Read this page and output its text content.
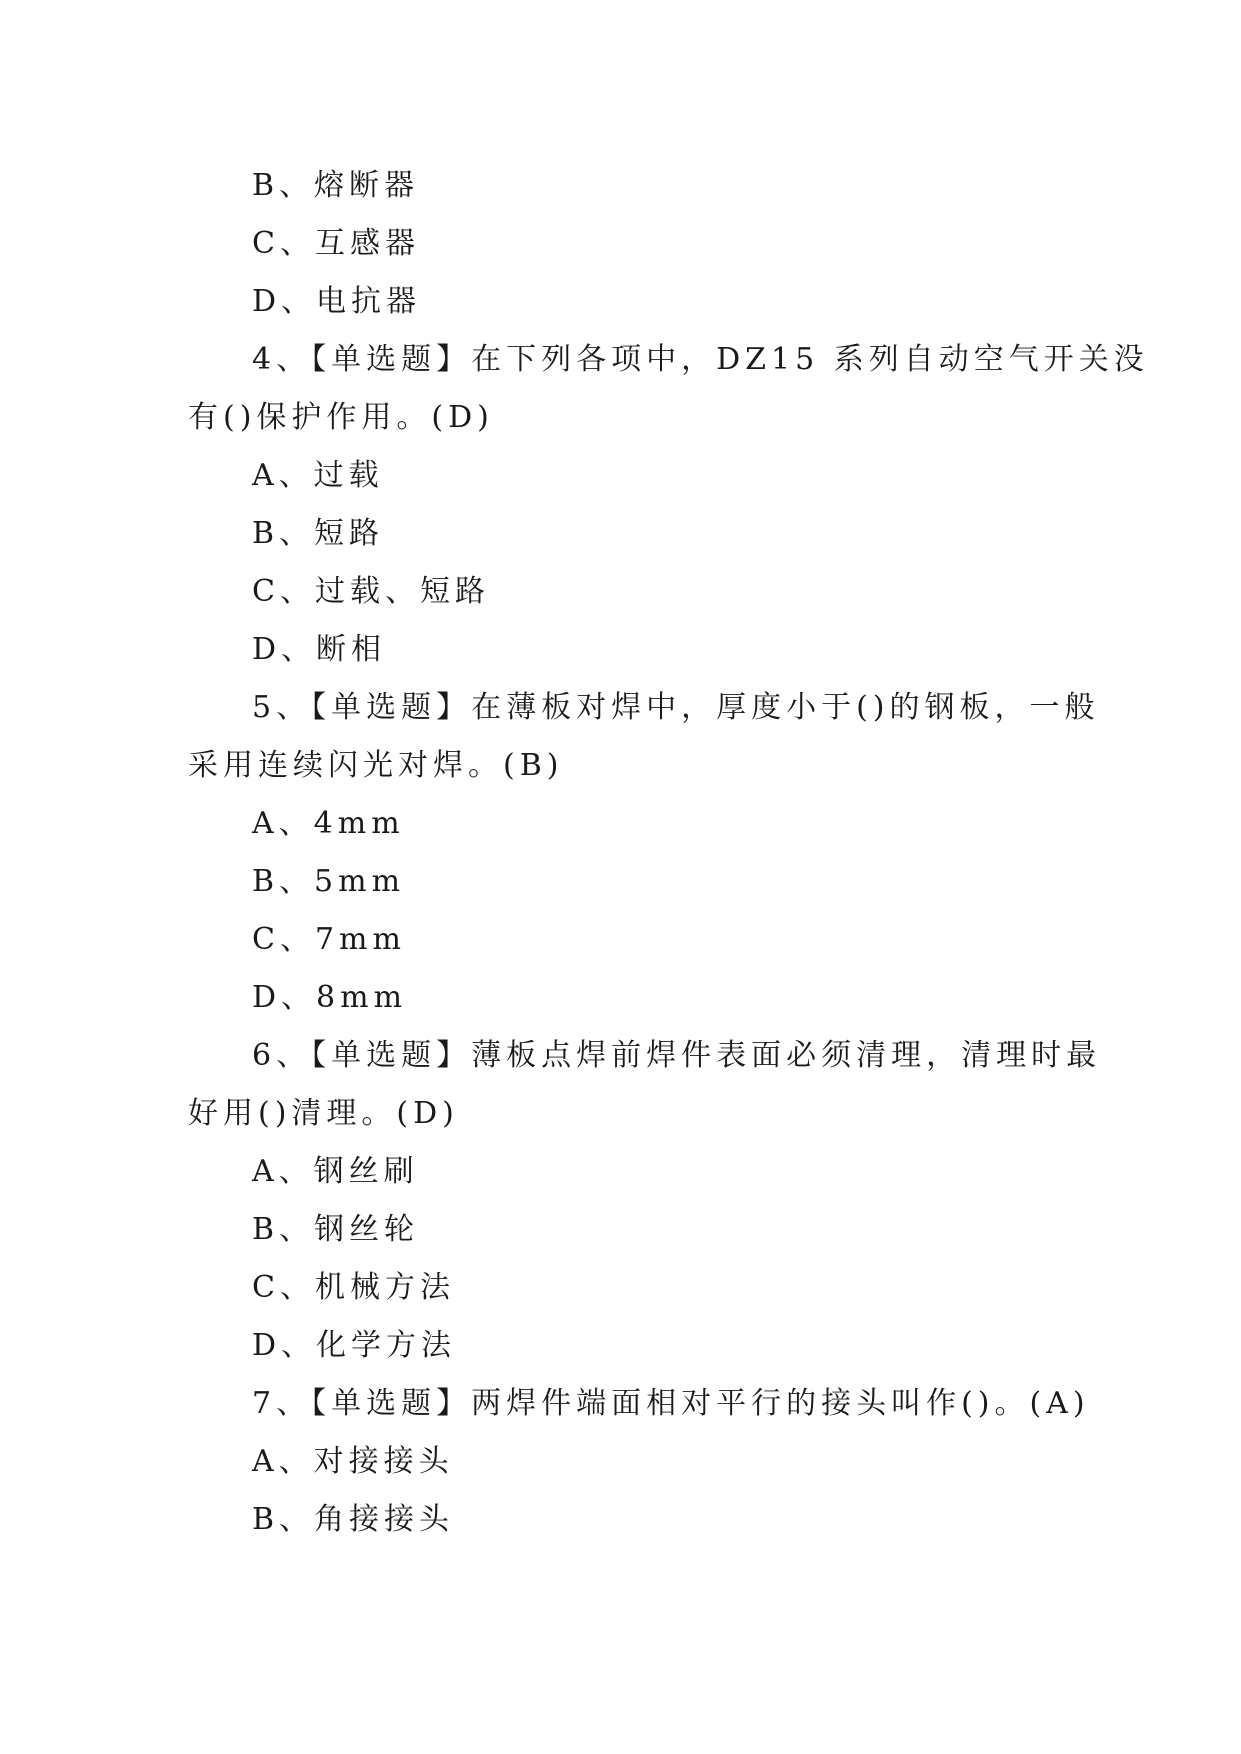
B、熔断器
C、互感器
D、电抗器
4、【单选题】在下列各项中，DZ15 系列自动空气开关没
有()保护作用。(D)
A、过载
B、短路
C、过载、短路
D、断相
5、【单选题】在薄板对焊中，厚度小于()的钢板，一般
采用连续闪光对焊。(B)
A、4mm
B、5mm
C、7mm
D、8mm
6、【单选题】薄板点焊前焊件表面必须清理，清理时最
好用()清理。(D)
A、钢丝刷
B、钢丝轮
C、机械方法
D、化学方法
7、【单选题】两焊件端面相对平行的接头叫作()。(A)
A、对接接头
B、角接接头
